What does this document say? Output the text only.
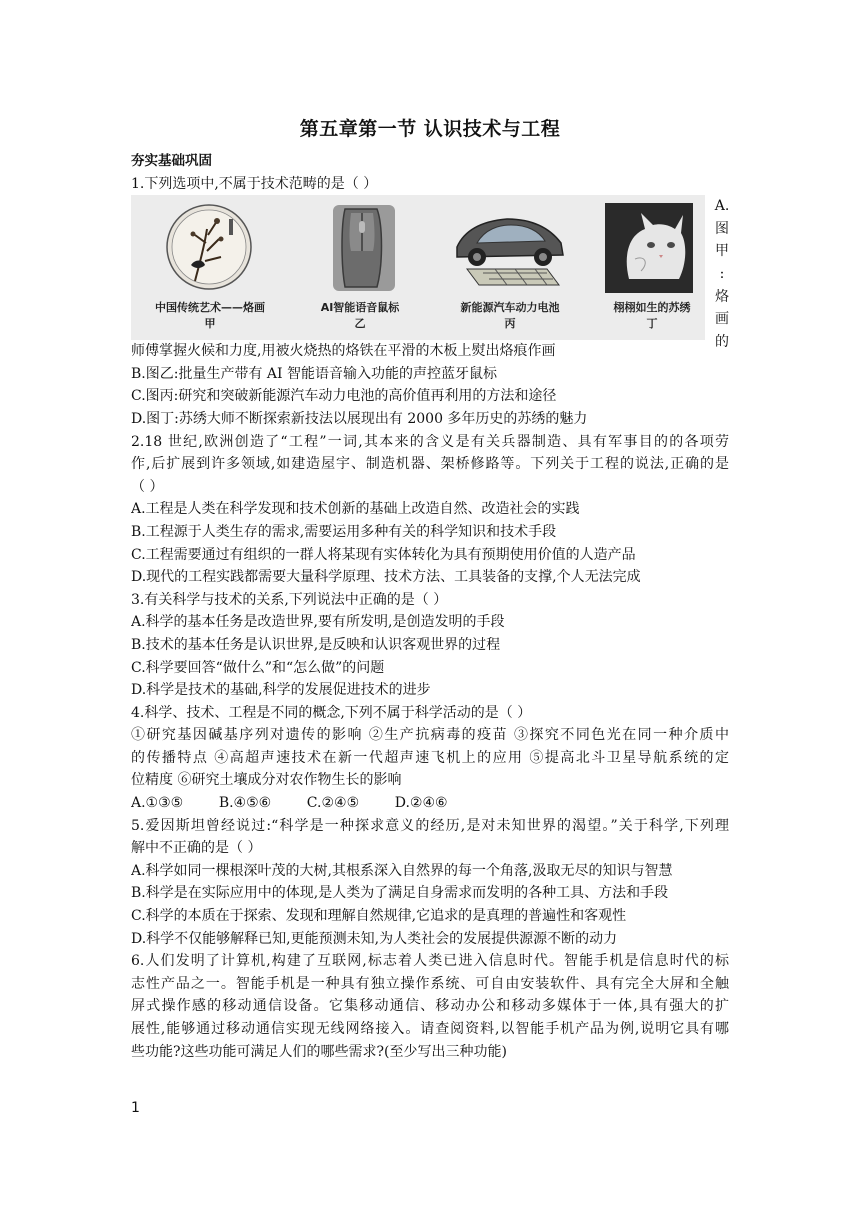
第五章第一节 认识技术与工程
夯实基础巩固
1.下列选项中,不属于技术范畴的是（ ）
中国传统艺术——烙画
甲
AI智能语音鼠标
乙
新能源汽车动力电池
丙
栩栩如生的苏绣
丁
A.
图
甲
:
烙
画
的
师傅掌握火候和力度,用被火烧热的烙铁在平滑的木板上熨出烙痕作画
B.图乙:批量生产带有 AI 智能语音输入功能的声控蓝牙鼠标
C.图丙:研究和突破新能源汽车动力电池的高价值再利用的方法和途径
D.图丁:苏绣大师不断探索新技法以展现出有 2000 多年历史的苏绣的魅力
2.18 世纪,欧洲创造了“工程”一词,其本来的含义是有关兵器制造、具有军事目的的各项劳
作,后扩展到许多领域,如建造屋宇、制造机器、架桥修路等。下列关于工程的说法,正确的是
（ ）
A.工程是人类在科学发现和技术创新的基础上改造自然、改造社会的实践
B.工程源于人类生存的需求,需要运用多种有关的科学知识和技术手段
C.工程需要通过有组织的一群人将某现有实体转化为具有预期使用价值的人造产品
D.现代的工程实践都需要大量科学原理、技术方法、工具装备的支撑,个人无法完成
3.有关科学与技术的关系,下列说法中正确的是（ ）
A.科学的基本任务是改造世界,要有所发明,是创造发明的手段
B.技术的基本任务是认识世界,是反映和认识客观世界的过程
C.科学要回答“做什么”和“怎么做”的问题
D.科学是技术的基础,科学的发展促进技术的进步
4.科学、技术、工程是不同的概念,下列不属于科学活动的是（ ）
①研究基因碱基序列对遗传的影响 ②生产抗病毒的疫苗 ③探究不同色光在同一种介质中
的传播特点 ④高超声速技术在新一代超声速飞机上的应用 ⑤提高北斗卫星导航系统的定
位精度 ⑥研究土壤成分对农作物生长的影响
A.①③⑤        B.④⑤⑥        C.②④⑤        D.②④⑥
5.爱因斯坦曾经说过:“科学是一种探求意义的经历,是对未知世界的渴望。”关于科学,下列理
解中不正确的是（ ）
A.科学如同一棵根深叶茂的大树,其根系深入自然界的每一个角落,汲取无尽的知识与智慧
B.科学是在实际应用中的体现,是人类为了满足自身需求而发明的各种工具、方法和手段
C.科学的本质在于探索、发现和理解自然规律,它追求的是真理的普遍性和客观性
D.科学不仅能够解释已知,更能预测未知,为人类社会的发展提供源源不断的动力
6.人们发明了计算机,构建了互联网,标志着人类已进入信息时代。智能手机是信息时代的标
志性产品之一。智能手机是一种具有独立操作系统、可自由安装软件、具有完全大屏和全触
屏式操作感的移动通信设备。它集移动通信、移动办公和移动多媒体于一体,具有强大的扩
展性,能够通过移动通信实现无线网络接入。请查阅资料,以智能手机产品为例,说明它具有哪
些功能?这些功能可满足人们的哪些需求?(至少写出三种功能)
1
